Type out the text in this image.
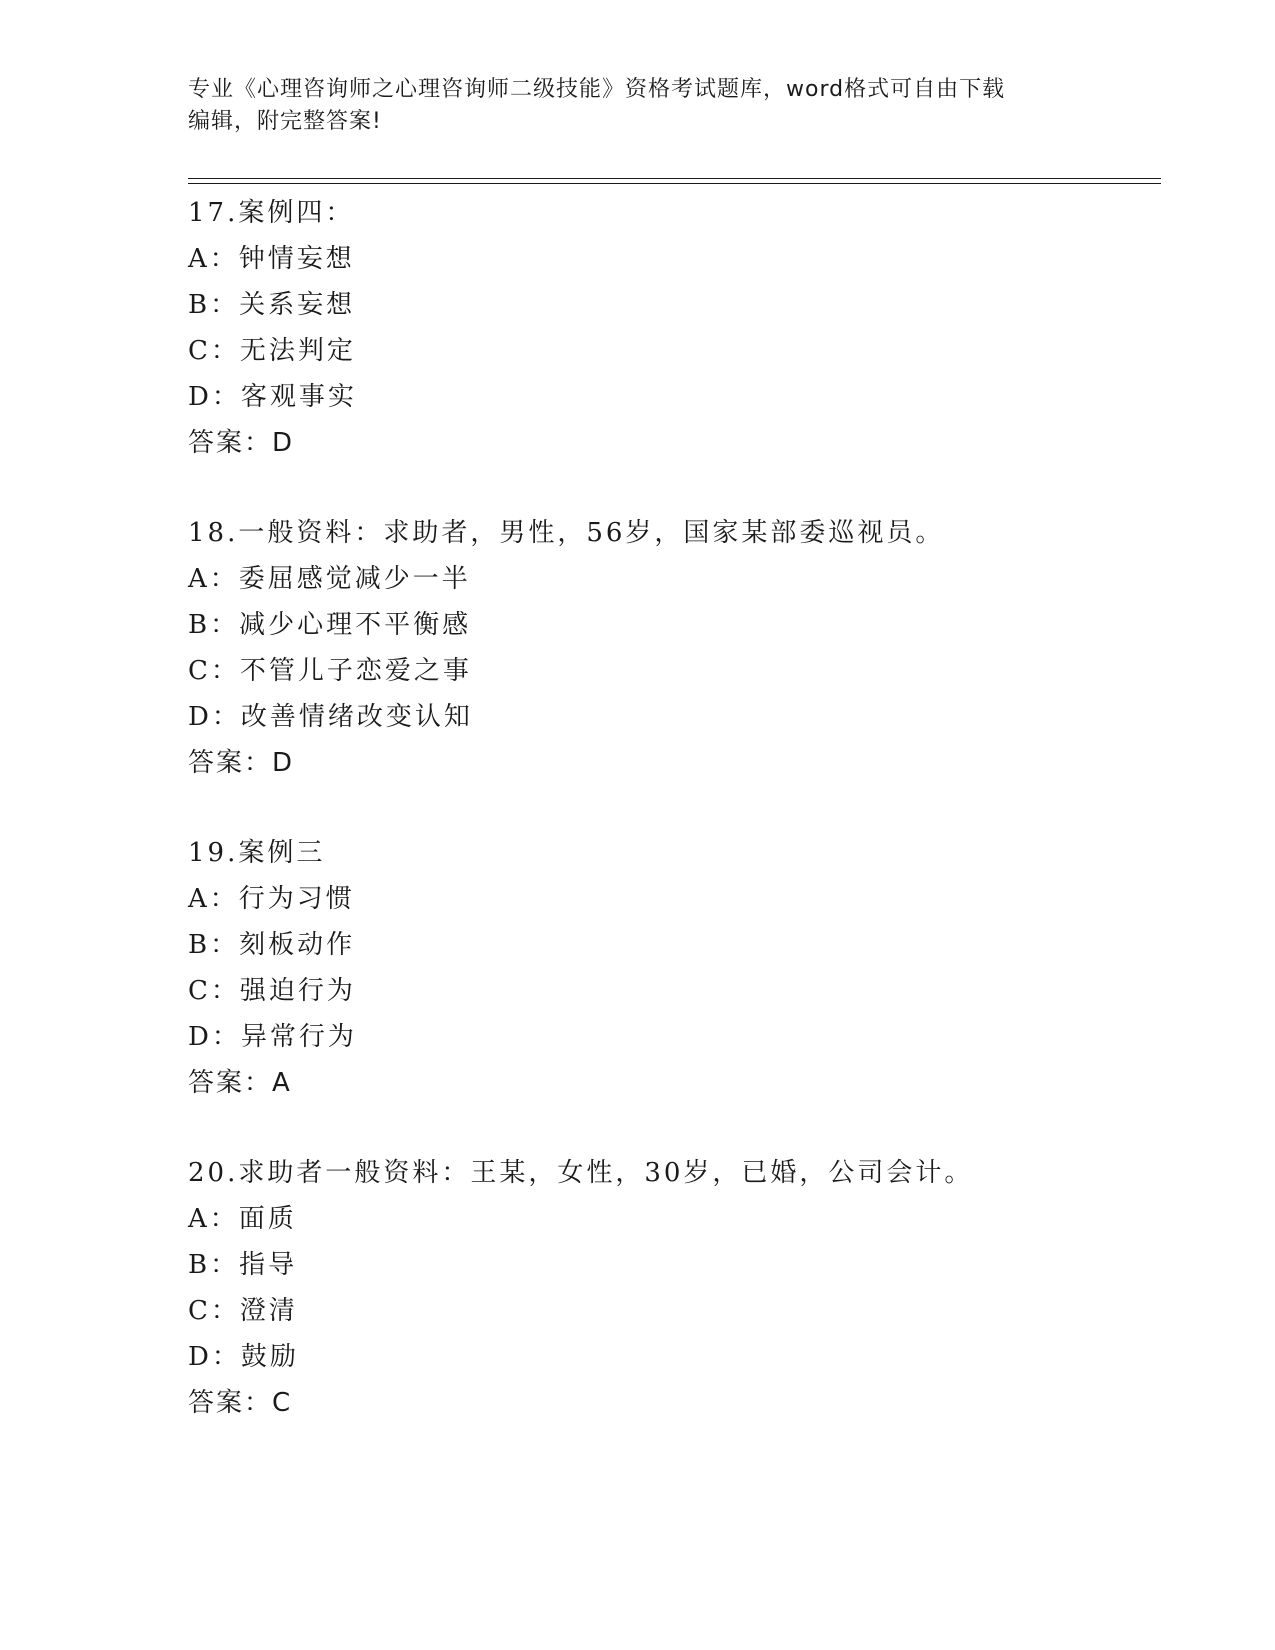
专业《心理咨询师之心理咨询师二级技能》资格考试题库，word格式可自由下载
编辑，附完整答案!
17.案例四：
A：钟情妄想
B：关系妄想
C：无法判定
D：客观事实
答案：D
18.一般资料：求助者，男性，56岁，国家某部委巡视员。
A：委屈感觉减少一半
B：减少心理不平衡感
C：不管儿子恋爱之事
D：改善情绪改变认知
答案：D
19.案例三
A：行为习惯
B：刻板动作
C：强迫行为
D：异常行为
答案：A
20.求助者一般资料：王某，女性，30岁，已婚，公司会计。
A：面质
B：指导
C：澄清
D：鼓励
答案：C
